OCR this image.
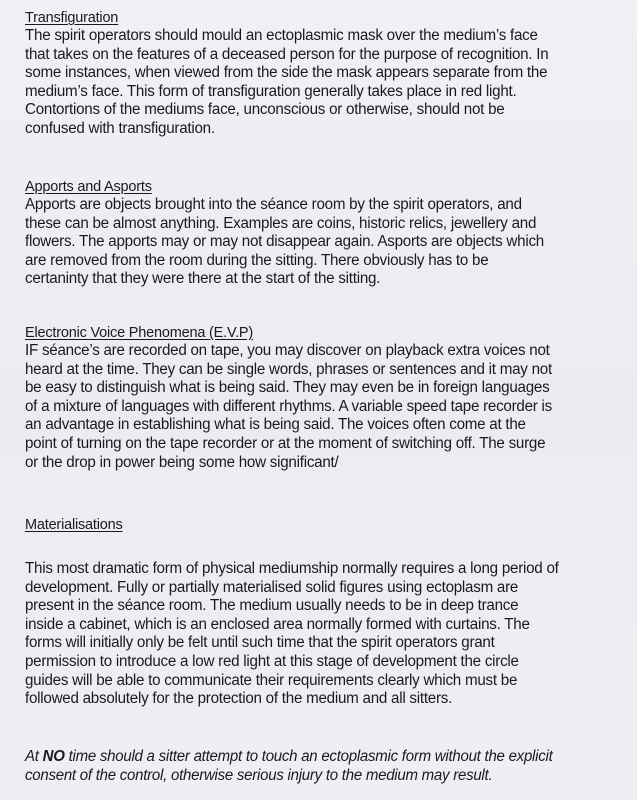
Transfiguration
The spirit operators should mould an ectoplasmic mask over the medium’s face
that takes on the features of a deceased person for the purpose of recognition. In
some instances, when viewed from the side the mask appears separate from the
medium’s face. This form of transfiguration generally takes place in red light.
Contortions of the mediums face, unconscious or otherwise, should not be
confused with transfiguration.
Apports and Asports
Apports are objects brought into the séance room by the spirit operators, and
these can be almost anything. Examples are coins, historic relics, jewellery and
flowers. The apports may or may not disappear again. Asports are objects which
are removed from the room during the sitting. There obviously has to be
certaninty that they were there at the start of the sitting.
Electronic Voice Phenomena (E.V.P)
IF séance’s are recorded on tape, you may discover on playback extra voices not
heard at the time. They can be single words, phrases or sentences and it may not
be easy to distinguish what is being said. They may even be in foreign languages
of a mixture of languages with different rhythms. A variable speed tape recorder is
an advantage in establishing what is being said. The voices often come at the
point of turning on the tape recorder or at the moment of switching off. The surge
or the drop in power being some how significant/
Materialisations
This most dramatic form of physical mediumship normally requires a long period of
development. Fully or partially materialised solid figures using ectoplasm are
present in the séance room. The medium usually needs to be in deep trance
inside a cabinet, which is an enclosed area normally formed with curtains. The
forms will initially only be felt until such time that the spirit operators grant
permission to introduce a low red light at this stage of development the circle
guides will be able to communicate their requirements clearly which must be
followed absolutely for the protection of the medium and all sitters.
At NO time should a sitter attempt to touch an ectoplasmic form without the explicit
consent of the control, otherwise serious injury to the medium may result.
